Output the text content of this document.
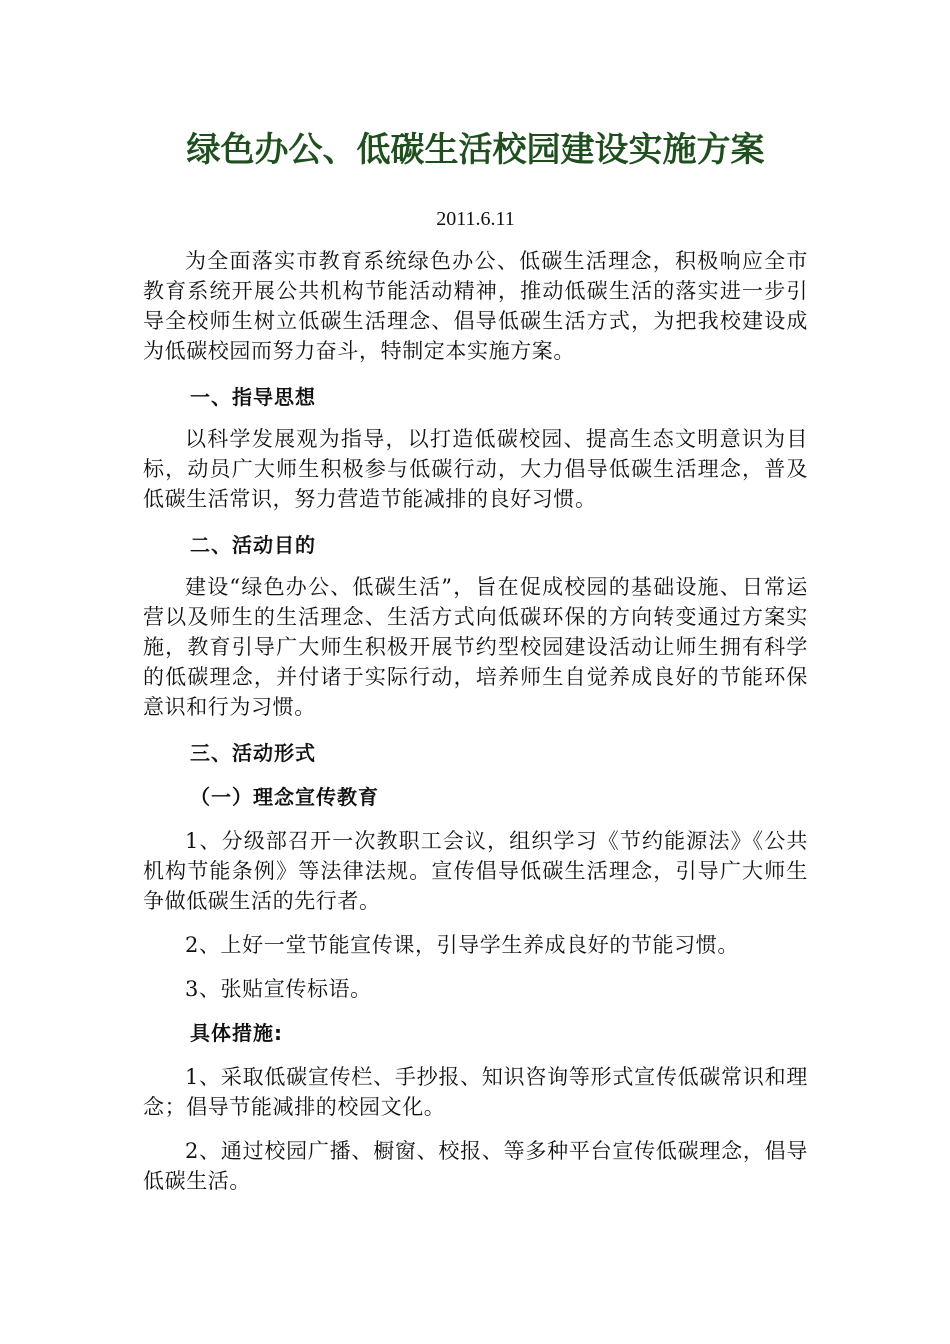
绿色办公、低碳生活校园建设实施方案
2011.6.11

为全面落实市教育系统绿色办公、低碳生活理念，积极响应全市教育系统开展公共机构节能活动精神，推动低碳生活的落实进一步引导全校师生树立低碳生活理念、倡导低碳生活方式，为把我校建设成为低碳校园而努力奋斗，特制定本实施方案。

一、指导思想

以科学发展观为指导，以打造低碳校园、提高生态文明意识为目标，动员广大师生积极参与低碳行动，大力倡导低碳生活理念，普及低碳生活常识，努力营造节能减排的良好习惯。

二、活动目的

建设“绿色办公、低碳生活”，旨在促成校园的基础设施、日常运营以及师生的生活理念、生活方式向低碳环保的方向转变通过方案实施，教育引导广大师生积极开展节约型校园建设活动让师生拥有科学的低碳理念，并付诸于实际行动，培养师生自觉养成良好的节能环保意识和行为习惯。

三、活动形式
（一）理念宣传教育

1、分级部召开一次教职工会议，组织学习《节约能源法》《公共机构节能条例》等法律法规。宣传倡导低碳生活理念，引导广大师生争做低碳生活的先行者。

2、上好一堂节能宣传课，引导学生养成良好的节能习惯。

3、张贴宣传标语。

具体措施:

1、采取低碳宣传栏、手抄报、知识咨询等形式宣传低碳常识和理念；倡导节能减排的校园文化。

2、通过校园广播、橱窗、校报、等多种平台宣传低碳理念，倡导低碳生活。
